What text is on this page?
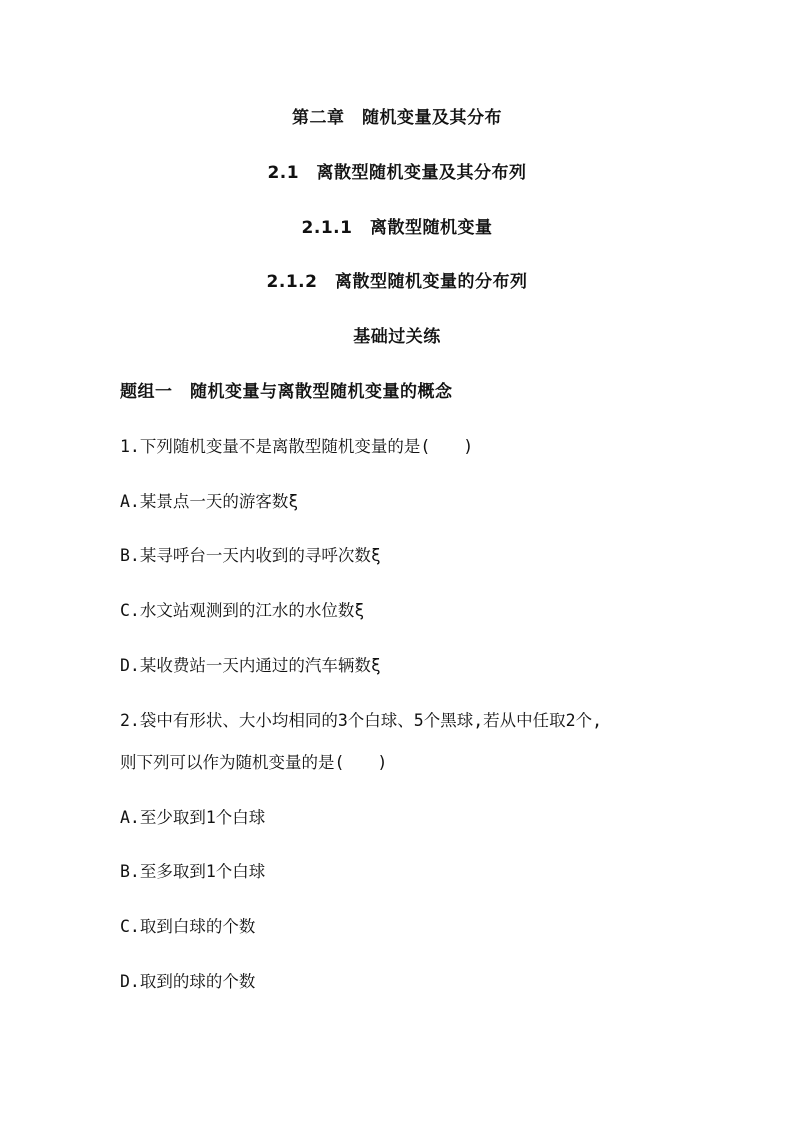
第二章　随机变量及其分布
2.1　离散型随机变量及其分布列
2.1.1　离散型随机变量
2.1.2　离散型随机变量的分布列
基础过关练
题组一　随机变量与离散型随机变量的概念
1.下列随机变量不是离散型随机变量的是(　　)
A.某景点一天的游客数ξ
B.某寻呼台一天内收到的寻呼次数ξ
C.水文站观测到的江水的水位数ξ
D.某收费站一天内通过的汽车辆数ξ
2.袋中有形状、大小均相同的3个白球、5个黑球,若从中任取2个,
则下列可以作为随机变量的是(　　)
A.至少取到1个白球
B.至多取到1个白球
C.取到白球的个数
D.取到的球的个数
